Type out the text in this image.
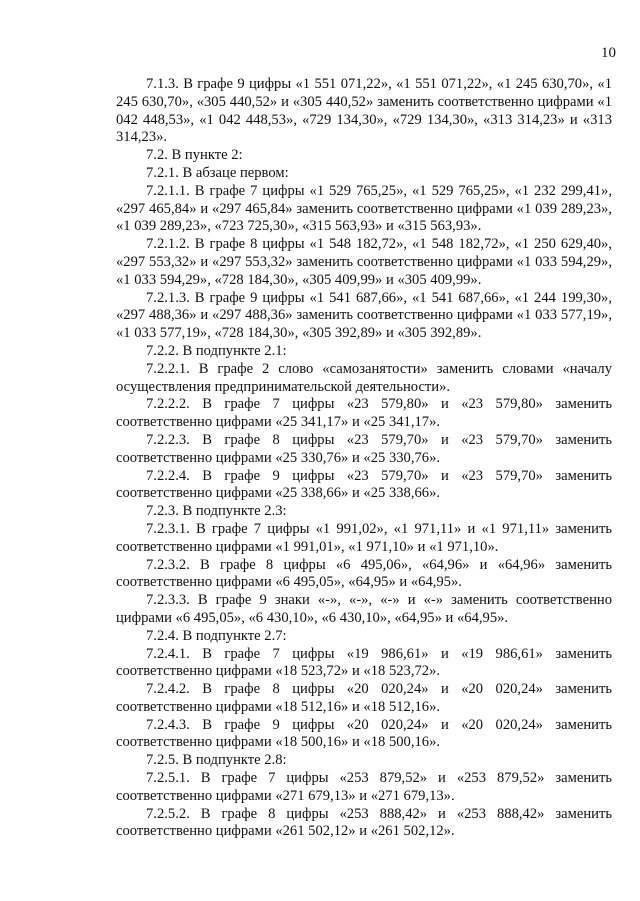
10

7.1.3. В графе 9 цифры «1 551 071,22», «1 551 071,22», «1 245 630,70», «1 245 630,70», «305 440,52» и «305 440,52» заменить соответственно цифрами «1 042 448,53», «1 042 448,53», «729 134,30», «729 134,30», «313 314,23» и «313 314,23».

7.2. В пункте 2:

7.2.1. В абзаце первом:

7.2.1.1. В графе 7 цифры «1 529 765,25», «1 529 765,25», «1 232 299,41», «297 465,84» и «297 465,84» заменить соответственно цифрами «1 039 289,23», «1 039 289,23», «723 725,30», «315 563,93» и «315 563,93».

7.2.1.2. В графе 8 цифры «1 548 182,72», «1 548 182,72», «1 250 629,40», «297 553,32» и «297 553,32» заменить соответственно цифрами «1 033 594,29», «1 033 594,29», «728 184,30», «305 409,99» и «305 409,99».

7.2.1.3. В графе 9 цифры «1 541 687,66», «1 541 687,66», «1 244 199,30», «297 488,36» и «297 488,36» заменить соответственно цифрами «1 033 577,19», «1 033 577,19», «728 184,30», «305 392,89» и «305 392,89».

7.2.2. В подпункте 2.1:

7.2.2.1. В графе 2 слово «самозанятости» заменить словами «началу осуществления предпринимательской деятельности».

7.2.2.2. В графе 7 цифры «23 579,80» и «23 579,80» заменить соответственно цифрами «25 341,17» и «25 341,17».

7.2.2.3. В графе 8 цифры «23 579,70» и «23 579,70» заменить соответственно цифрами «25 330,76» и «25 330,76».

7.2.2.4. В графе 9 цифры «23 579,70» и «23 579,70» заменить соответственно цифрами «25 338,66» и «25 338,66».

7.2.3. В подпункте 2.3:

7.2.3.1. В графе 7 цифры «1 991,02», «1 971,11» и «1 971,11» заменить соответственно цифрами «1 991,01», «1 971,10» и «1 971,10».

7.2.3.2. В графе 8 цифры «6 495,06», «64,96» и «64,96» заменить соответственно цифрами «6 495,05», «64,95» и «64,95».

7.2.3.3. В графе 9 знаки «-», «-», «-» и «-» заменить соответственно цифрами «6 495,05», «6 430,10», «6 430,10», «64,95» и «64,95».

7.2.4. В подпункте 2.7:

7.2.4.1. В графе 7 цифры «19 986,61» и «19 986,61» заменить соответственно цифрами «18 523,72» и «18 523,72».

7.2.4.2. В графе 8 цифры «20 020,24» и «20 020,24» заменить соответственно цифрами «18 512,16» и «18 512,16».

7.2.4.3. В графе 9 цифры «20 020,24» и «20 020,24» заменить соответственно цифрами «18 500,16» и «18 500,16».

7.2.5. В подпункте 2.8:

7.2.5.1. В графе 7 цифры «253 879,52» и «253 879,52» заменить соответственно цифрами «271 679,13» и «271 679,13».

7.2.5.2. В графе 8 цифры «253 888,42» и «253 888,42» заменить соответственно цифрами «261 502,12» и «261 502,12».
